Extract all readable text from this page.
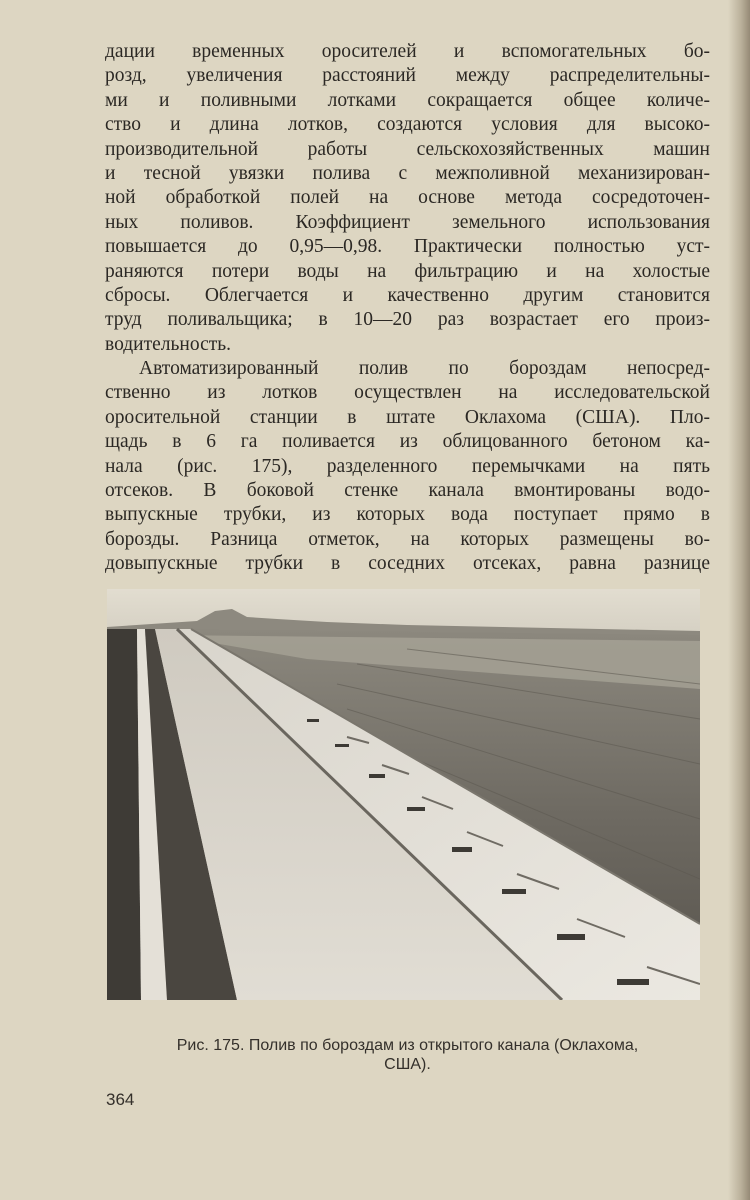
дации временных оросителей и вспомогательных бо-
розд, увеличения расстояний между распределительны-
ми и поливными лотками сокращается общее количе-
ство и длина лотков, создаются условия для высоко-
производительной работы сельскохозяйственных машин
и тесной увязки полива с межполивной механизирован-
ной обработкой полей на основе метода сосредоточен-
ных поливов. Коэффициент земельного использования
повышается до 0,95—0,98. Практически полностью уст-
раняются потери воды на фильтрацию и на холостые
сбросы. Облегчается и качественно другим становится
труд поливальщика; в 10—20 раз возрастает его произ-
водительность.
Автоматизированный полив по бороздам непосред-
ственно из лотков осуществлен на исследовательской
оросительной станции в штате Оклахома (США). Пло-
щадь в 6 га поливается из облицованного бетоном ка-
нала (рис. 175), разделенного перемычками на пять
отсеков. В боковой стенке канала вмонтированы водо-
выпускные трубки, из которых вода поступает прямо в
борозды. Разница отметок, на которых размещены во-
довыпускные трубки в соседних отсеках, равна разнице
Рис. 175. Полив по бороздам из открытого канала (Оклахома,
США).
364
